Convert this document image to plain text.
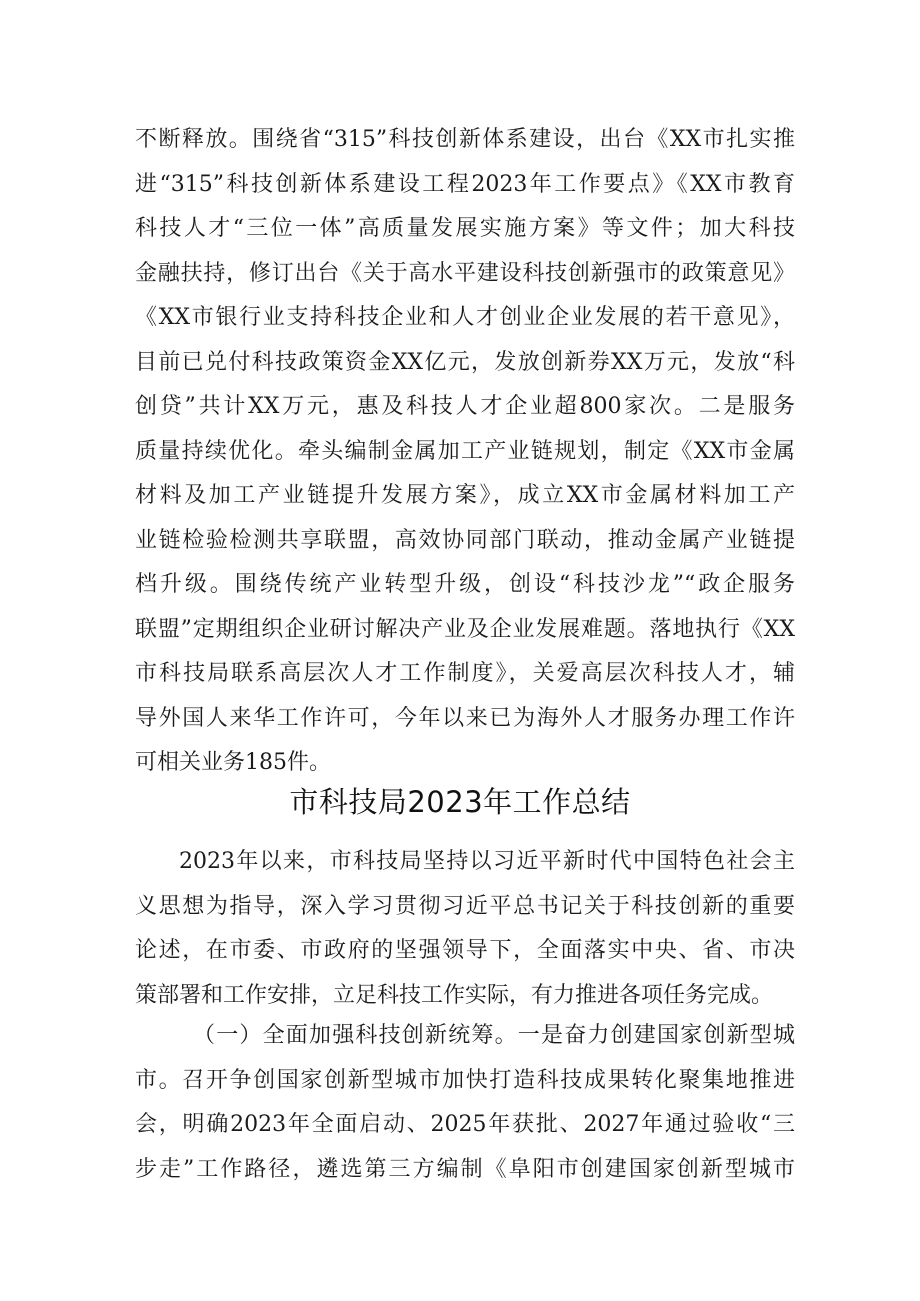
不断释放。围绕省“315”科技创新体系建设，出台《XX市扎实推
进“315”科技创新体系建设工程2023年工作要点》《XX市教育
科技人才“三位一体”高质量发展实施方案》等文件；加大科技
金融扶持，修订出台《关于高水平建设科技创新强市的政策意见》
《XX市银行业支持科技企业和人才创业企业发展的若干意见》，
目前已兑付科技政策资金XX亿元，发放创新券XX万元，发放“科
创贷”共计XX万元，惠及科技人才企业超800家次。二是服务
质量持续优化。牵头编制金属加工产业链规划，制定《XX市金属
材料及加工产业链提升发展方案》，成立XX市金属材料加工产
业链检验检测共享联盟，高效协同部门联动，推动金属产业链提
档升级。围绕传统产业转型升级，创设“科技沙龙”“政企服务
联盟”定期组织企业研讨解决产业及企业发展难题。落地执行《XX
市科技局联系高层次人才工作制度》，关爱高层次科技人才，辅
导外国人来华工作许可，今年以来已为海外人才服务办理工作许
可相关业务185件。
市科技局2023年工作总结
2023年以来，市科技局坚持以习近平新时代中国特色社会主
义思想为指导，深入学习贯彻习近平总书记关于科技创新的重要
论述，在市委、市政府的坚强领导下，全面落实中央、省、市决
策部署和工作安排，立足科技工作实际，有力推进各项任务完成。
（一）全面加强科技创新统筹。一是奋力创建国家创新型城
市。召开争创国家创新型城市加快打造科技成果转化聚集地推进
会，明确2023年全面启动、2025年获批、2027年通过验收“三
步走”工作路径，遴选第三方编制《阜阳市创建国家创新型城市
